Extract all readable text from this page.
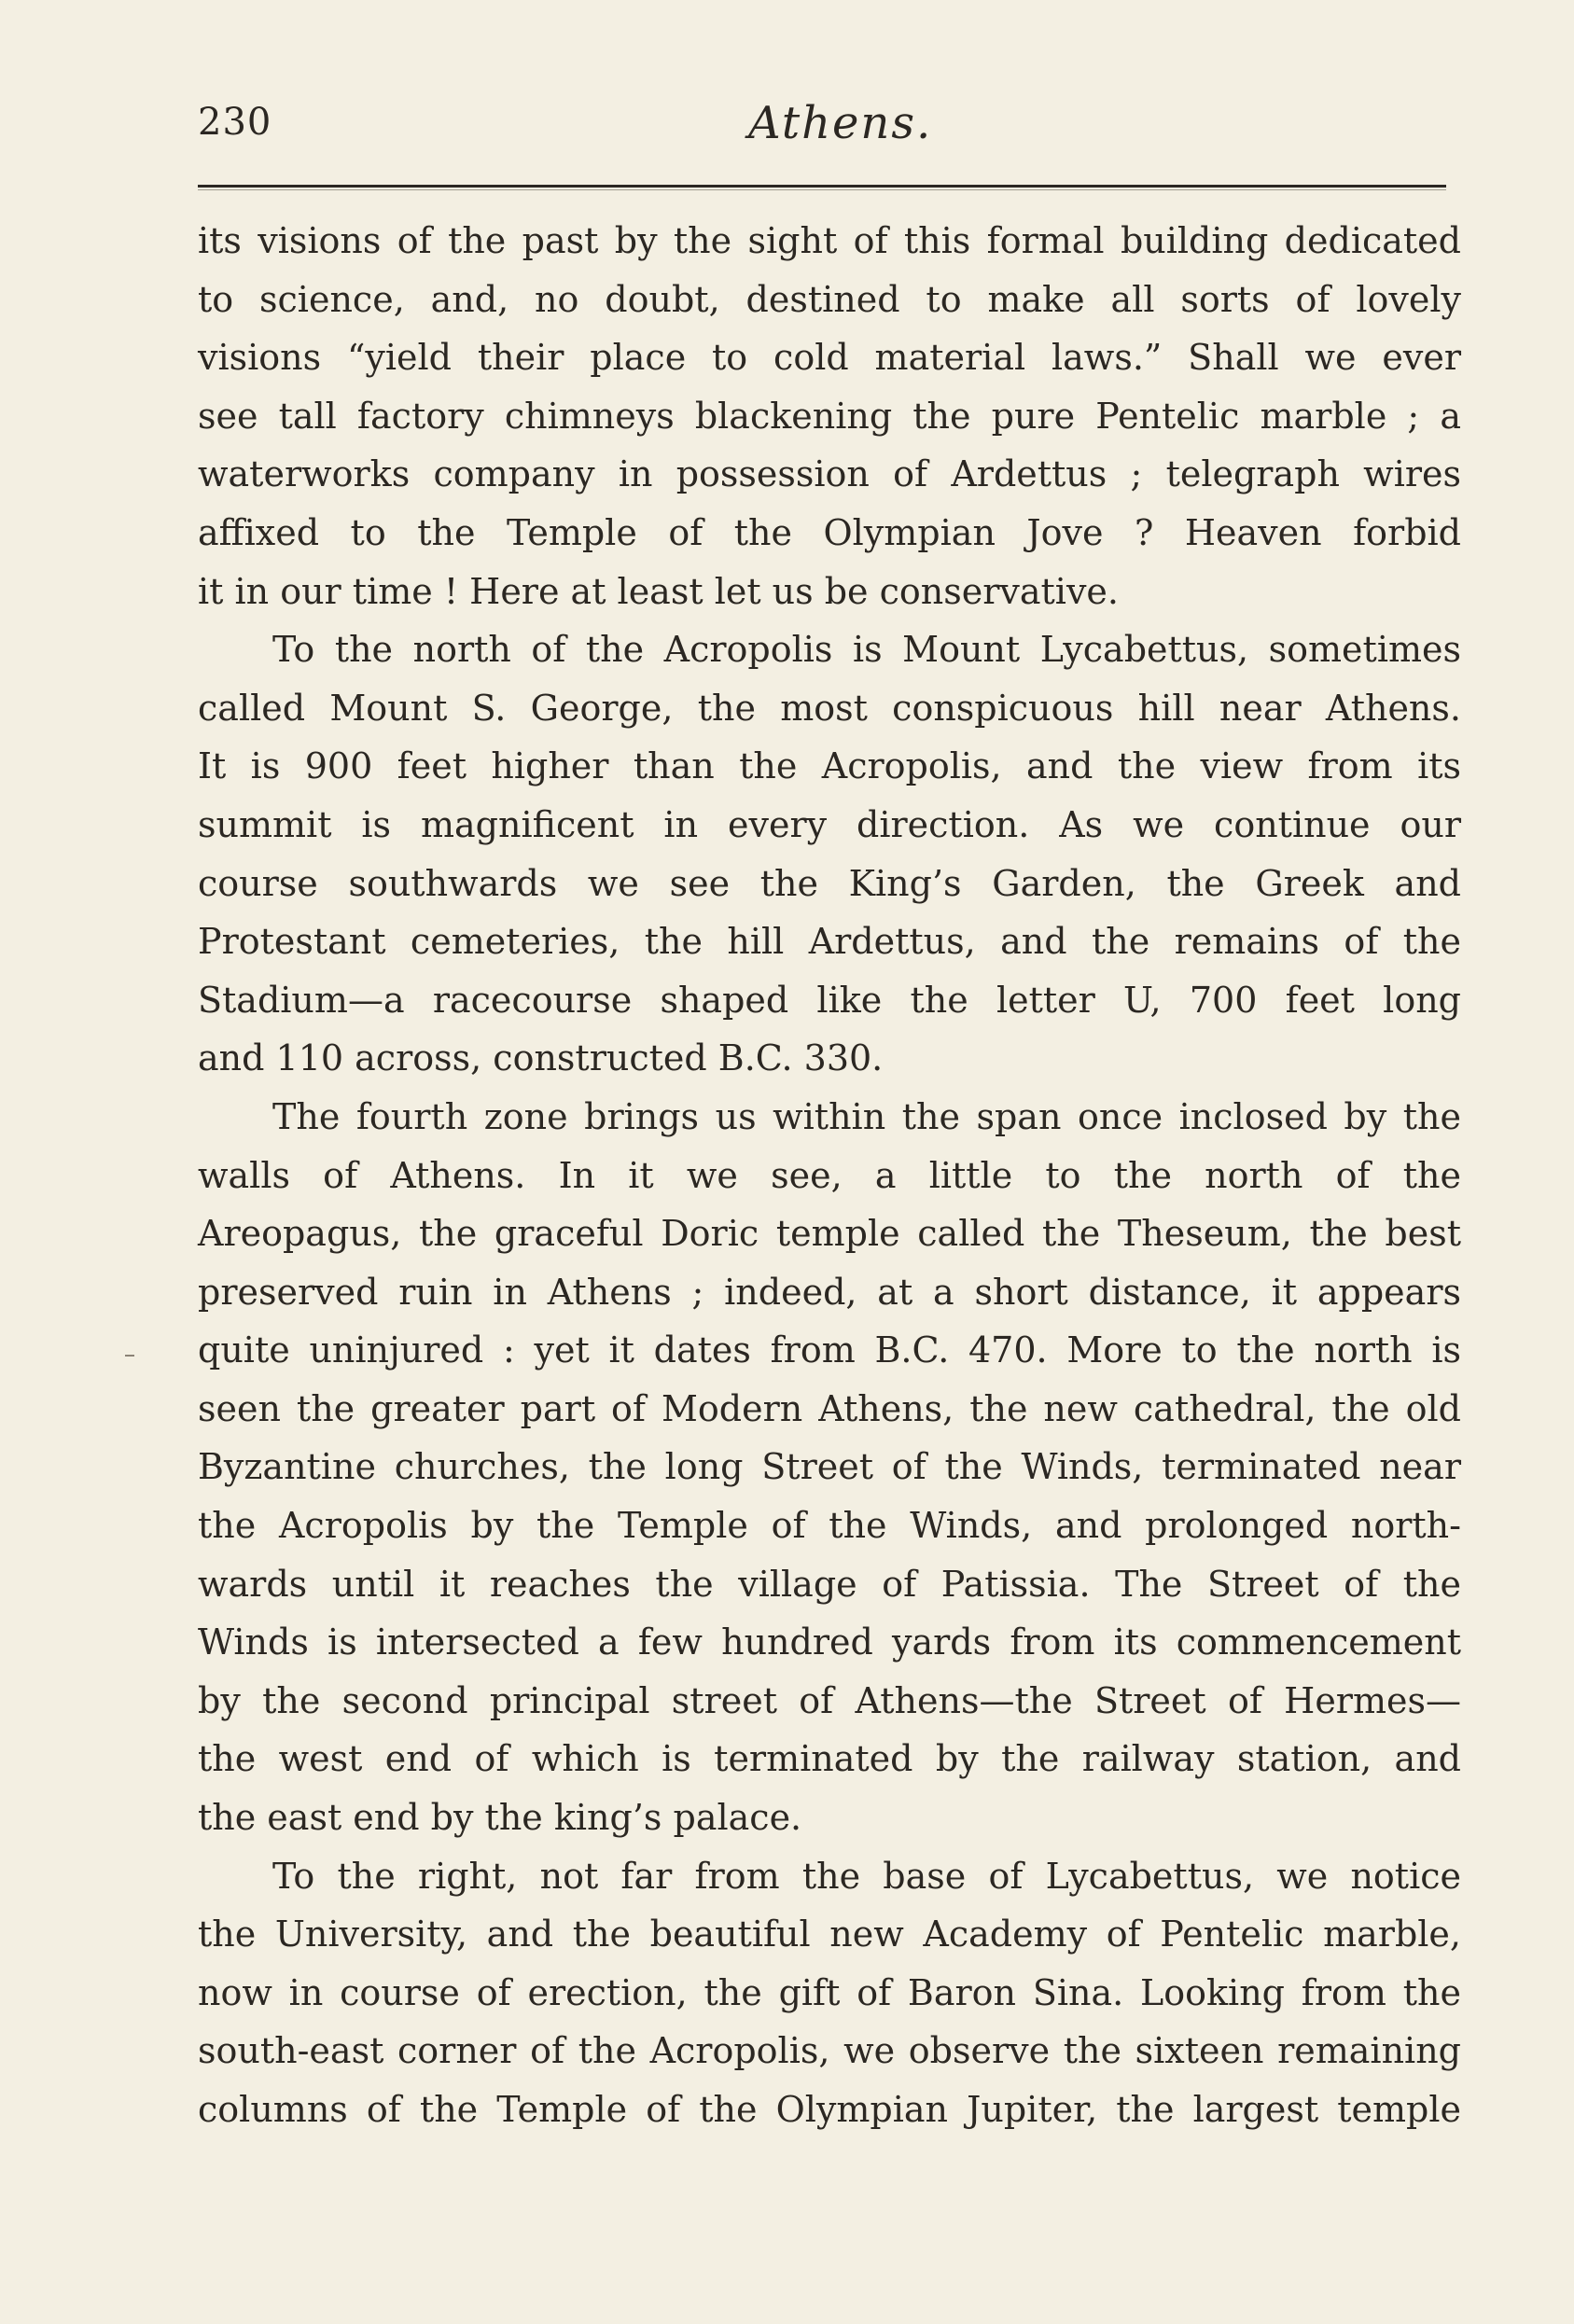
230	Athens.

its visions of the past by the sight of this formal building dedicated
to science, and, no doubt, destined to make all sorts of lovely
visions “yield their place to cold material laws.” Shall we ever
see tall factory chimneys blackening the pure Pentelic marble ; a
waterworks company in possession of Ardettus ; telegraph wires
affixed to the Temple of the Olympian Jove ? Heaven forbid
it in our time ! Here at least let us be conservative.

To the north of the Acropolis is Mount Lycabettus, sometimes
called Mount S. George, the most conspicuous hill near Athens.
It is 900 feet higher than the Acropolis, and the view from its
summit is magnificent in every direction. As we continue our
course southwards we see the King’s Garden, the Greek and
Protestant cemeteries, the hill Ardettus, and the remains of the
Stadium—a racecourse shaped like the letter U, 700 feet long
and 110 across, constructed B.C. 330.

The fourth zone brings us within the span once inclosed by the
walls of Athens. In it we see, a little to the north of the
Areopagus, the graceful Doric temple called the Theseum, the best
preserved ruin in Athens ; indeed, at a short distance, it appears
quite uninjured : yet it dates from B.C. 470. More to the north is
seen the greater part of Modern Athens, the new cathedral, the old
Byzantine churches, the long Street of the Winds, terminated near
the Acropolis by the Temple of the Winds, and prolonged north-
wards until it reaches the village of Patissia. The Street of the
Winds is intersected a few hundred yards from its commencement
by the second principal street of Athens—the Street of Hermes—
the west end of which is terminated by the railway station, and
the east end by the king’s palace.

To the right, not far from the base of Lycabettus, we notice
the University, and the beautiful new Academy of Pentelic marble,
now in course of erection, the gift of Baron Sina. Looking from the
south-east corner of the Acropolis, we observe the sixteen remaining
columns of the Temple of the Olympian Jupiter, the largest temple
